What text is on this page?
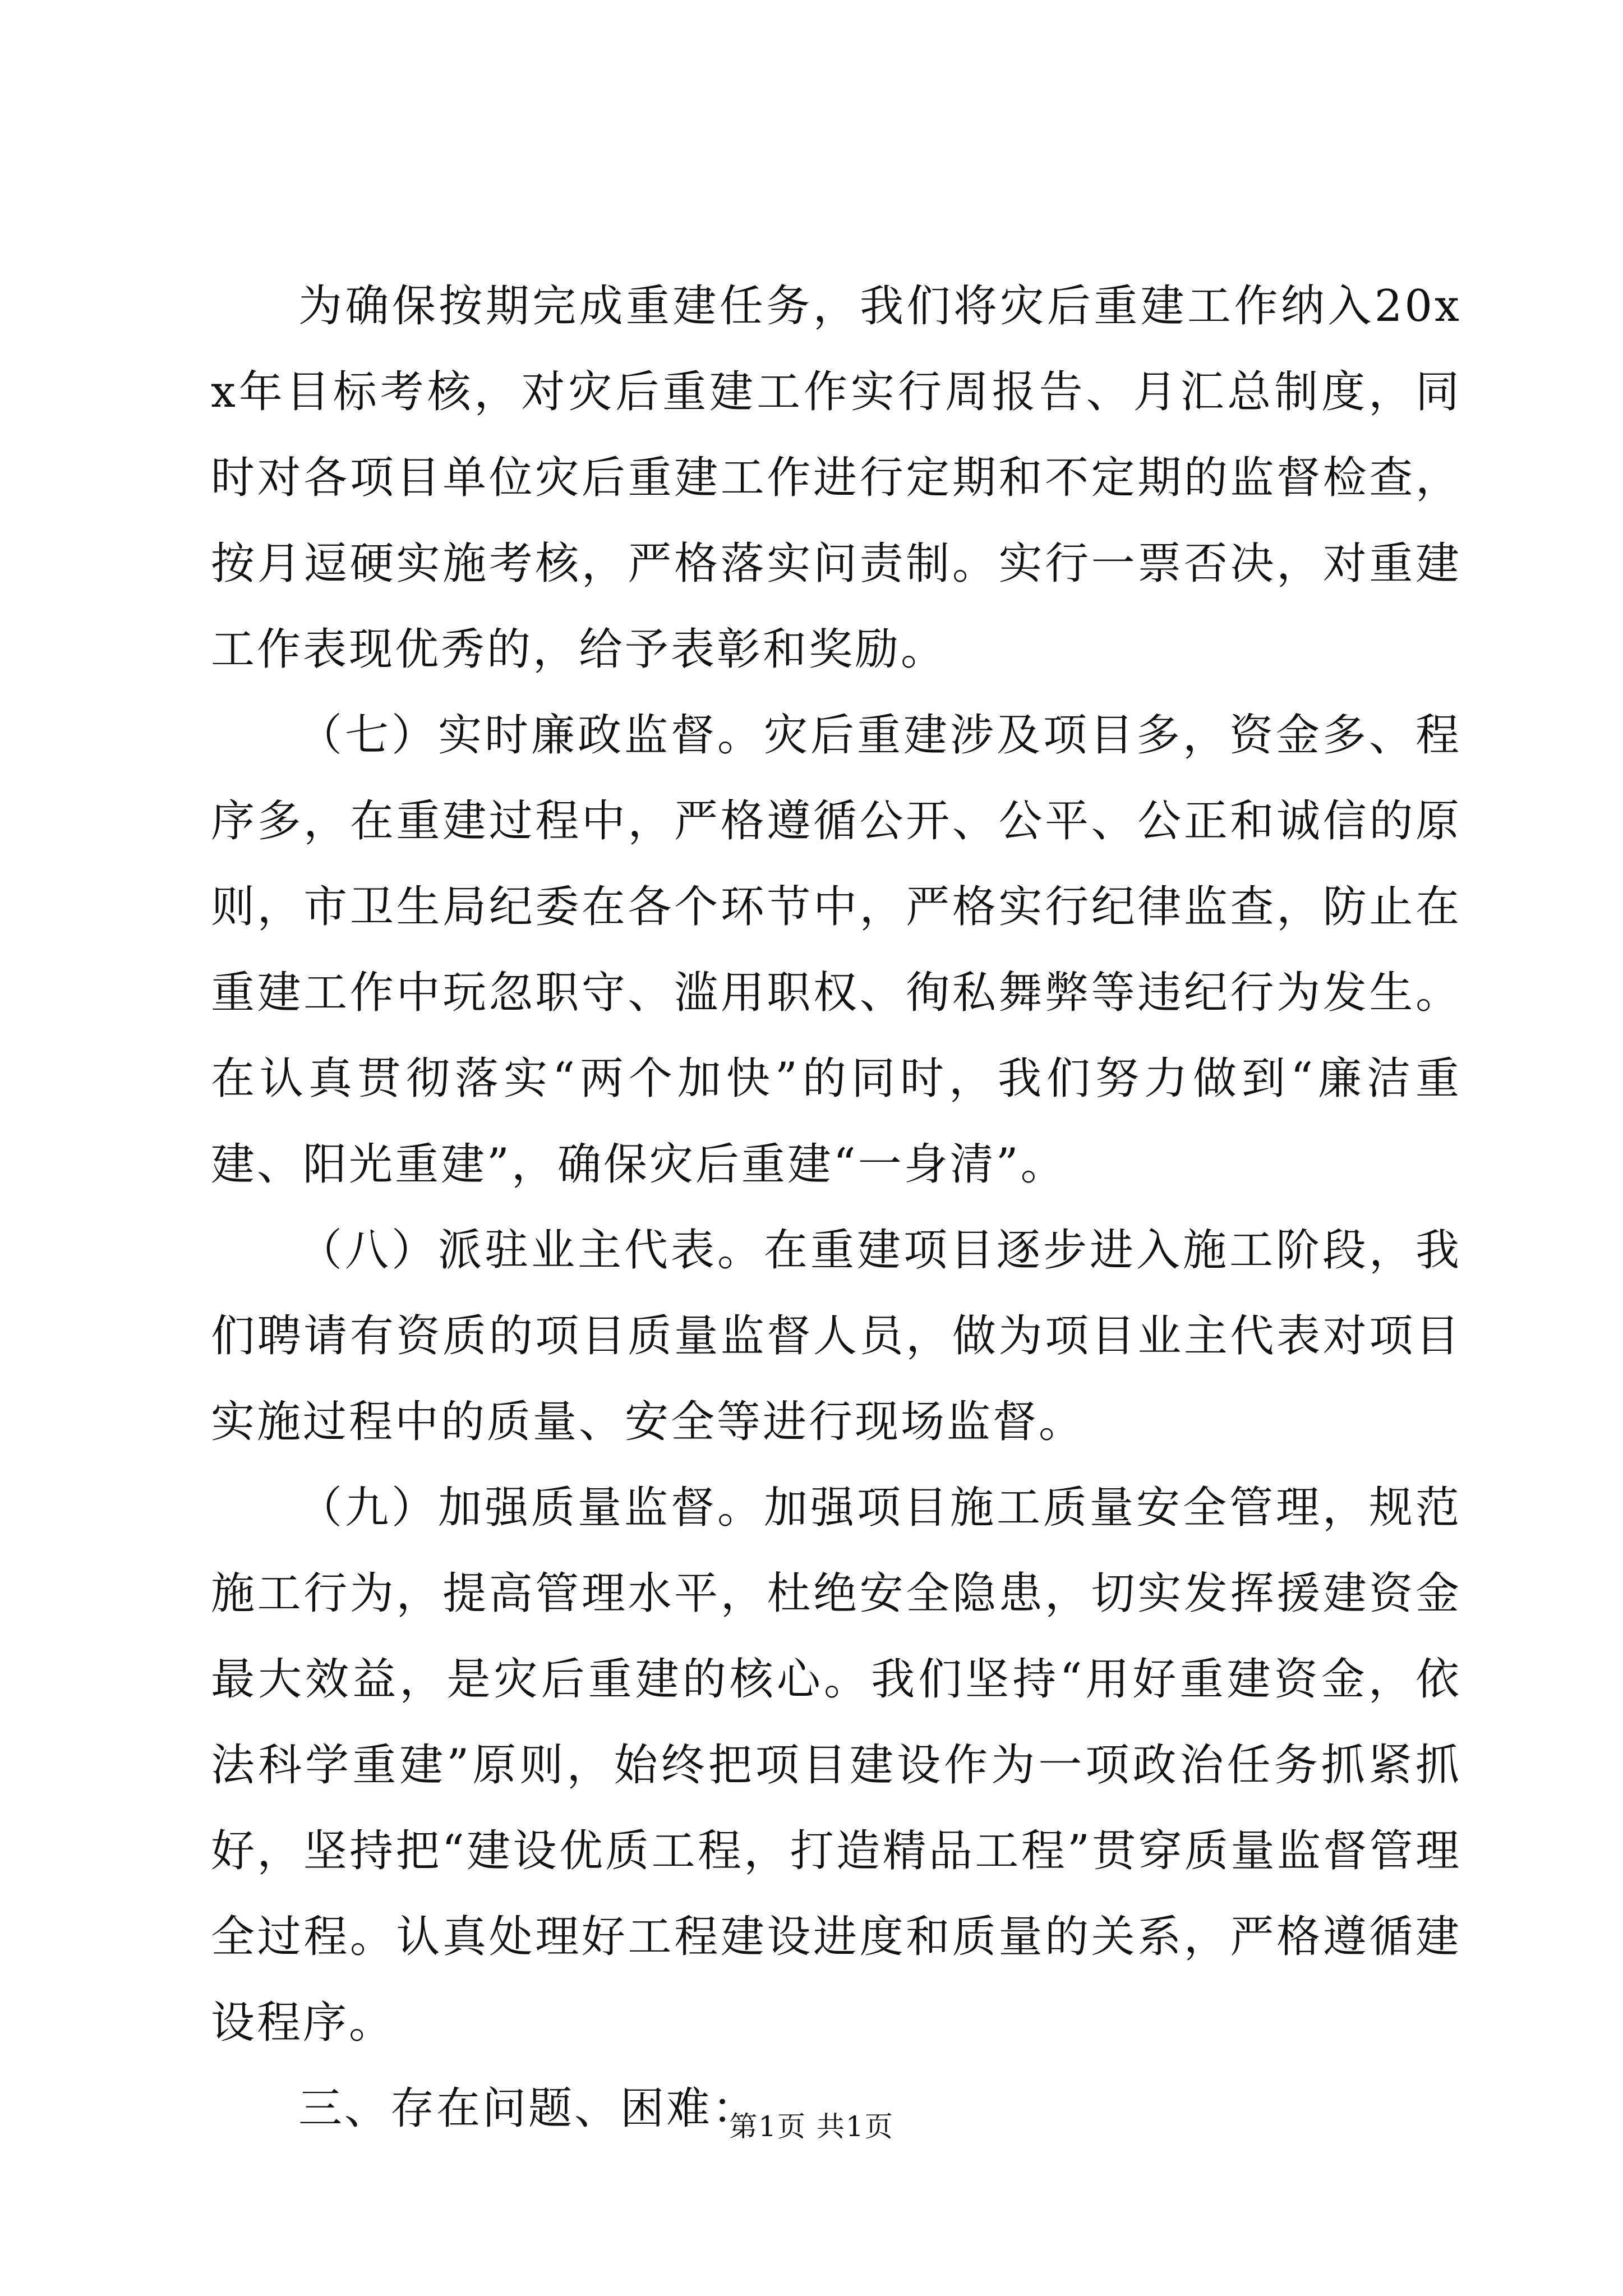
为确保按期完成重建任务，我们将灾后重建工作纳入20xx年目标考核，对灾后重建工作实行周报告、月汇总制度，同时对各项目单位灾后重建工作进行定期和不定期的监督检查，按月逗硬实施考核，严格落实问责制。实行一票否决，对重建工作表现优秀的，给予表彰和奖励。

（七）实时廉政监督。灾后重建涉及项目多，资金多、程序多，在重建过程中，严格遵循公开、公平、公正和诚信的原则，市卫生局纪委在各个环节中，严格实行纪律监查，防止在重建工作中玩忽职守、滥用职权、徇私舞弊等违纪行为发生。在认真贯彻落实“两个加快”的同时，我们努力做到“廉洁重建、阳光重建”，确保灾后重建“一身清”。

（八）派驻业主代表。在重建项目逐步进入施工阶段，我们聘请有资质的项目质量监督人员，做为项目业主代表对项目实施过程中的质量、安全等进行现场监督。

（九）加强质量监督。加强项目施工质量安全管理，规范施工行为，提高管理水平，杜绝安全隐患，切实发挥援建资金最大效益，是灾后重建的核心。我们坚持“用好重建资金，依法科学重建”原则，始终把项目建设作为一项政治任务抓紧抓好，坚持把“建设优质工程，打造精品工程”贯穿质量监督管理全过程。认真处理好工程建设进度和质量的关系，严格遵循建设程序。

三、存在问题、困难：

第1页 共1页
